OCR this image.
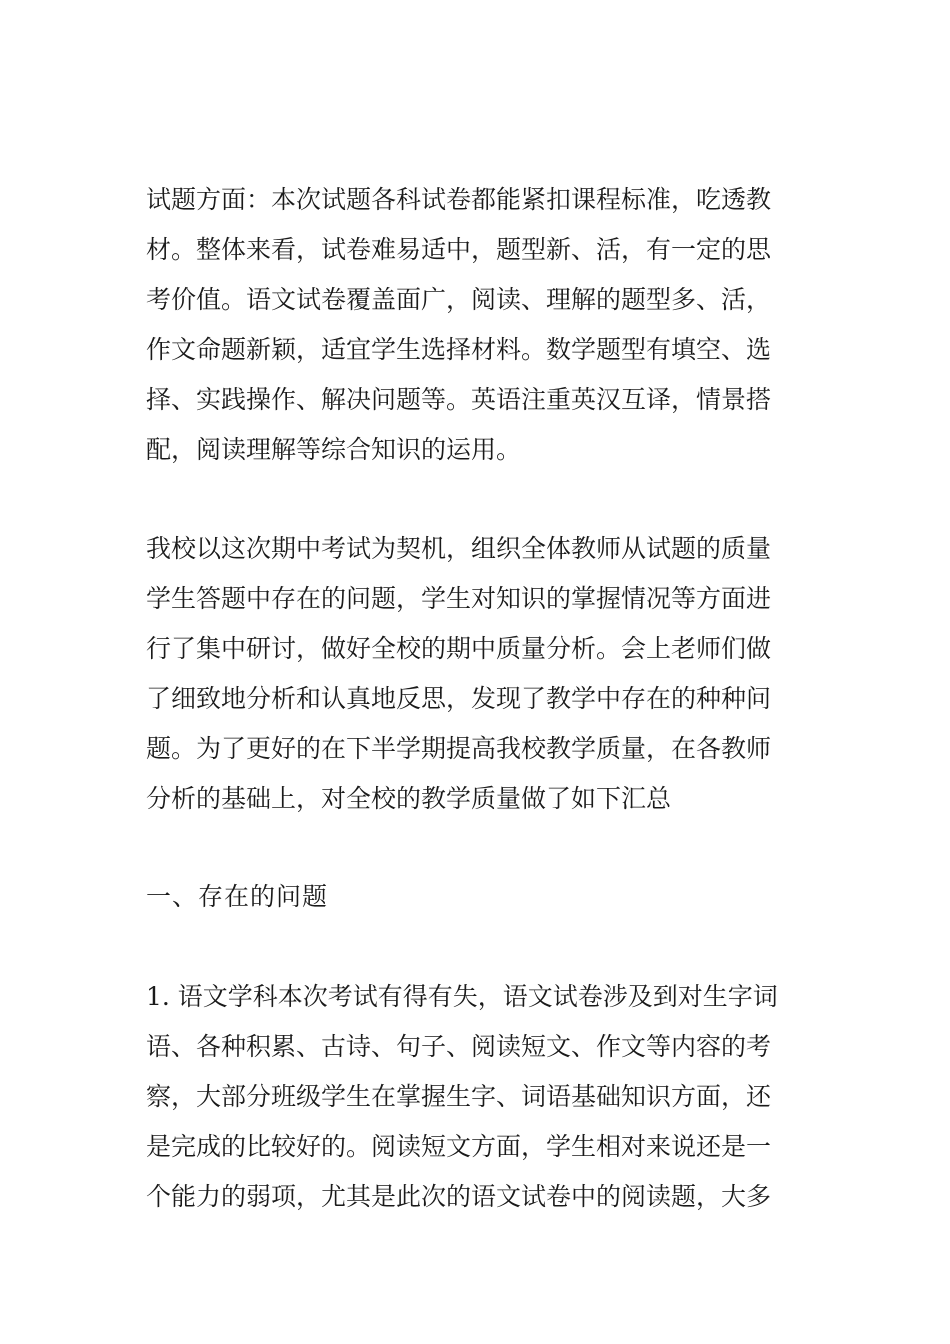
试题方面：本次试题各科试卷都能紧扣课程标准，吃透教
材。整体来看，试卷难易适中，题型新、活，有一定的思
考价值。语文试卷覆盖面广，阅读、理解的题型多、活，
作文命题新颖，适宜学生选择材料。数学题型有填空、选
择、实践操作、解决问题等。英语注重英汉互译，情景搭
配，阅读理解等综合知识的运用。
我校以这次期中考试为契机，组织全体教师从试题的质量
学生答题中存在的问题，学生对知识的掌握情况等方面进
行了集中研讨，做好全校的期中质量分析。会上老师们做
了细致地分析和认真地反思，发现了教学中存在的种种问
题。为了更好的在下半学期提高我校教学质量，在各教师
分析的基础上，对全校的教学质量做了如下汇总
一、存在的问题
1. 语文学科本次考试有得有失，语文试卷涉及到对生字词
语、各种积累、古诗、句子、阅读短文、作文等内容的考
察，大部分班级学生在掌握生字、词语基础知识方面，还
是完成的比较好的。阅读短文方面，学生相对来说还是一
个能力的弱项，尤其是此次的语文试卷中的阅读题，大多
